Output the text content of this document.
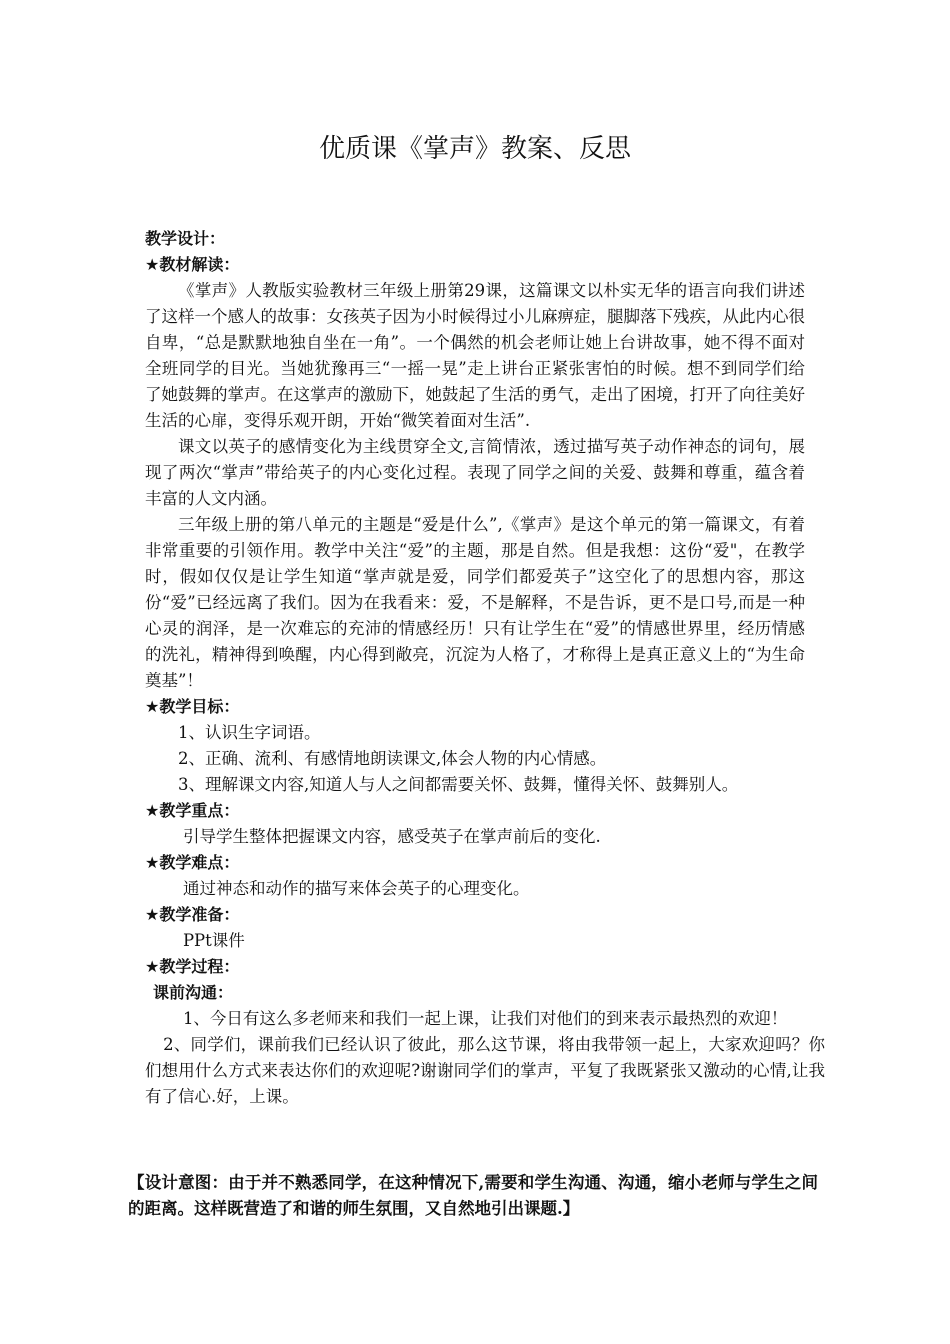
优质课《掌声》教案、反思

教学设计：

★教材解读：

《掌声》人教版实验教材三年级上册第29课，这篇课文以朴实无华的语言向我们讲述了这样一个感人的故事：女孩英子因为小时候得过小儿麻痹症，腿脚落下残疾，从此内心很自卑，“总是默默地独自坐在一角”。一个偶然的机会老师让她上台讲故事，她不得不面对全班同学的目光。当她犹豫再三“一摇一晃”走上讲台正紧张害怕的时候。想不到同学们给了她鼓舞的掌声。在这掌声的激励下，她鼓起了生活的勇气，走出了困境，打开了向往美好生活的心扉，变得乐观开朗，开始“微笑着面对生活”.

课文以英子的感情变化为主线贯穿全文,言简情浓，透过描写英子动作神态的词句，展现了两次“掌声”带给英子的内心变化过程。表现了同学之间的关爱、鼓舞和尊重，蕴含着丰富的人文内涵。

三年级上册的第八单元的主题是“爱是什么”,《掌声》是这个单元的第一篇课文，有着非常重要的引领作用。教学中关注“爱”的主题，那是自然。但是我想：这份“爱"，在教学时，假如仅仅是让学生知道“掌声就是爱，同学们都爱英子”这空化了的思想内容，那这份“爱”已经远离了我们。因为在我看来：爱，不是解释，不是告诉，更不是口号,而是一种心灵的润泽，是一次难忘的充沛的情感经历！只有让学生在“爱”的情感世界里，经历情感的洗礼，精神得到唤醒，内心得到敞亮，沉淀为人格了，才称得上是真正意义上的“为生命奠基”！

★教学目标：

1、认识生字词语。

2、正确、流利、有感情地朗读课文,体会人物的内心情感。

3、理解课文内容,知道人与人之间都需要关怀、鼓舞，懂得关怀、鼓舞别人。

★教学重点：

引导学生整体把握课文内容，感受英子在掌声前后的变化.

★教学难点：

通过神态和动作的描写来体会英子的心理变化。

★教学准备：

PPt课件

★教学过程：

课前沟通：

1、今日有这么多老师来和我们一起上课，让我们对他们的到来表示最热烈的欢迎！

2、同学们，课前我们已经认识了彼此，那么这节课，将由我带领一起上，大家欢迎吗？你们想用什么方式来表达你们的欢迎呢?谢谢同学们的掌声，平复了我既紧张又激动的心情,让我有了信心.好，上课。

【设计意图：由于并不熟悉同学，在这种情况下,需要和学生沟通、沟通，缩小老师与学生之间的距离。这样既营造了和谐的师生氛围，又自然地引出课题.】
